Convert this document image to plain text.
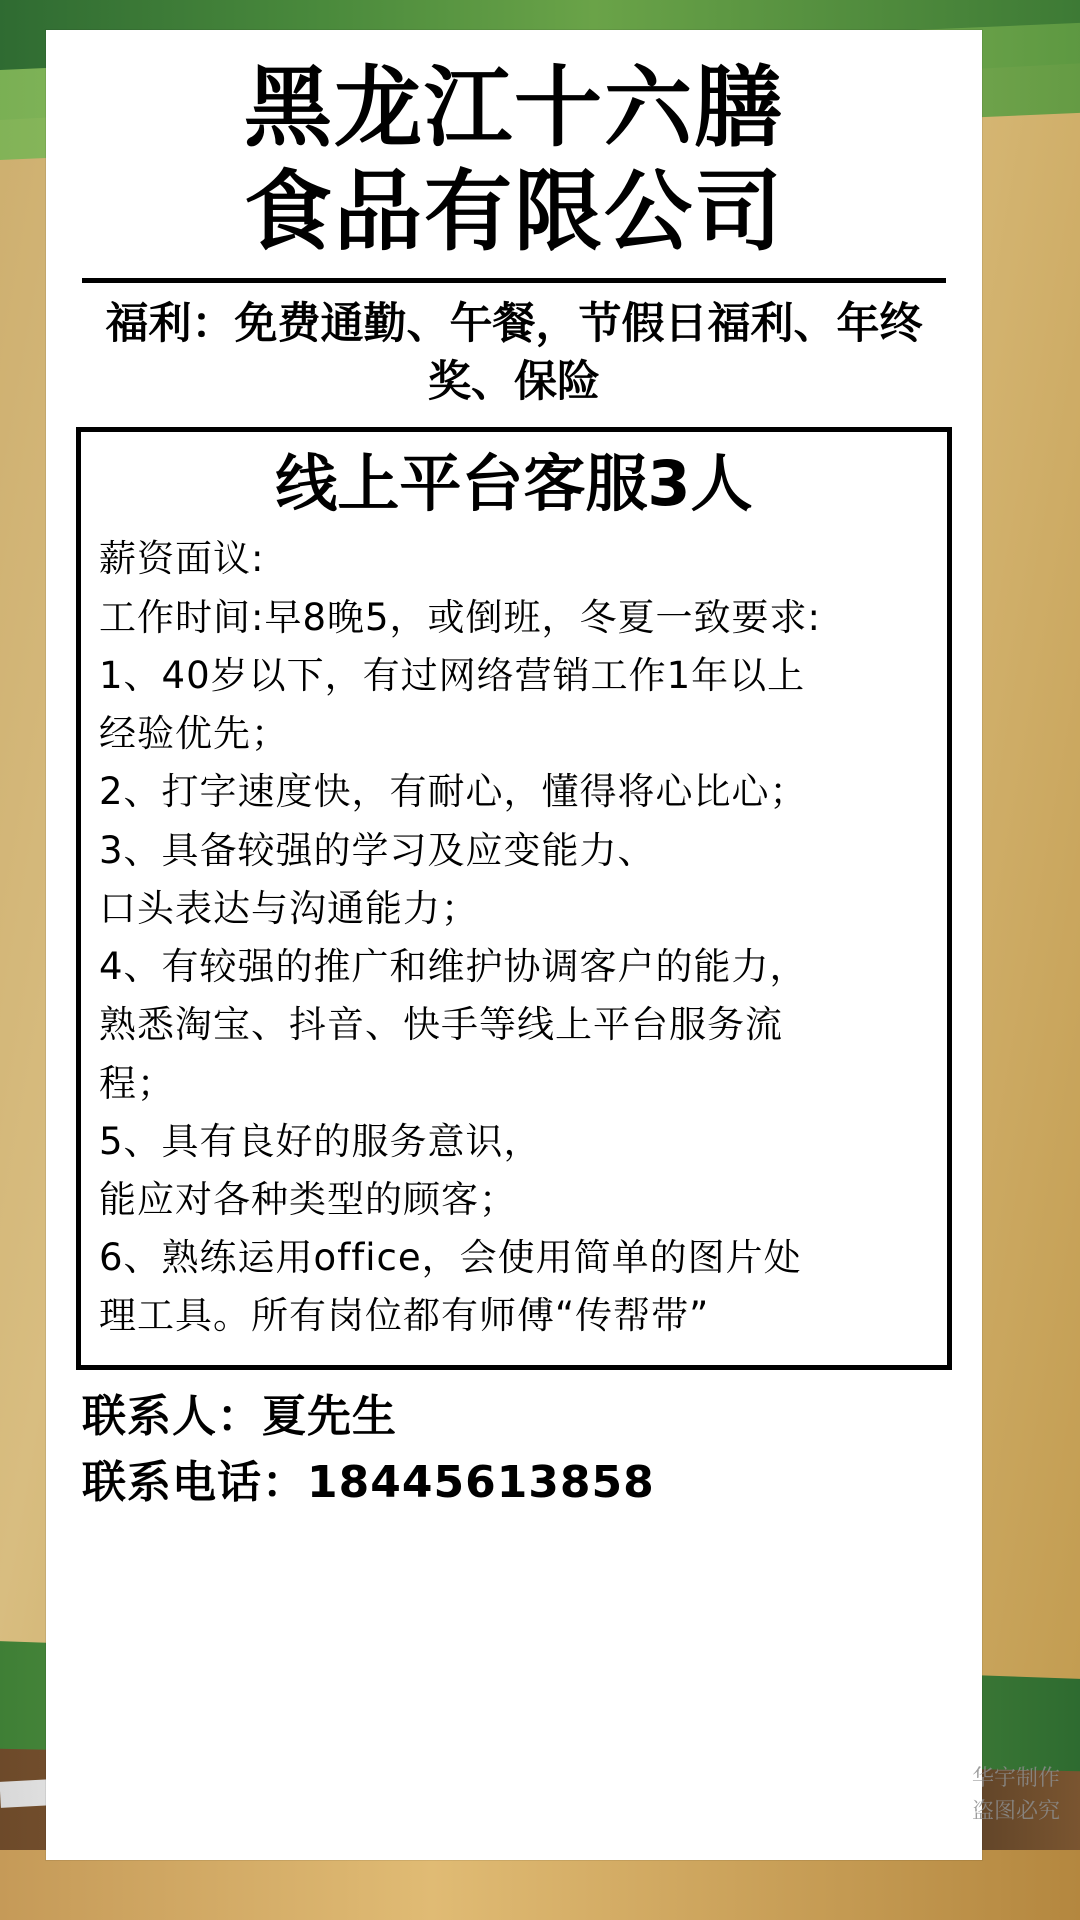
黑龙江十六膳
食品有限公司
福利：免费通勤、午餐，节假日福利、年终奖、保险
线上平台客服3人

薪资面议:

工作时间:早8晚5，或倒班，冬夏一致要求:

1、40岁以下，有过网络营销工作1年以上

经验优先；

2、打字速度快，有耐心，懂得将心比心；

3、具备较强的学习及应变能力、

口头表达与沟通能力；

4、有较强的推广和维护协调客户的能力，

熟悉淘宝、抖音、快手等线上平台服务流

程；

5、具有良好的服务意识，

能应对各种类型的顾客；

6、熟练运用office，会使用简单的图片处

理工具。所有岗位都有师傅“传帮带”

联系人：夏先生
联系电话：18445613858
华宇制作
盗图必究
